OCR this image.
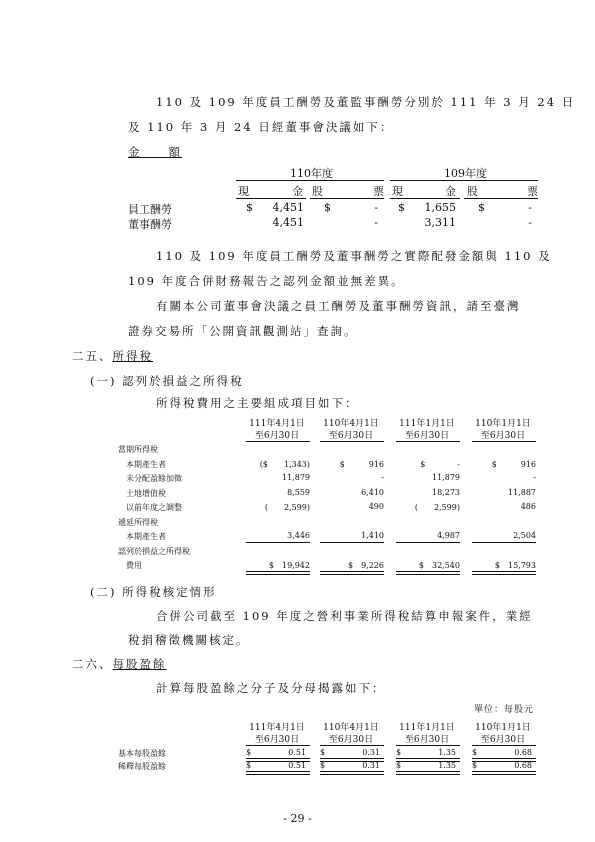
110 及 109 年度員工酬勞及董監事酬勞分別於 111 年 3 月 24 日
及 110 年 3 月 24 日經董事會決議如下：
金　　額
110年度	109年度
現	金 股	票 現	金 股	票
員工酬勞	$	4,451 $	- $	1,655 $	-
董事酬勞	4,451	-	3,311	-
110 及 109 年度員工酬勞及董事酬勞之實際配發金額與 110 及
109 年度合併財務報告之認列金額並無差異。
有關本公司董事會決議之員工酬勞及董事酬勞資訊，請至臺灣
證券交易所「公開資訊觀測站」查詢。
二五、所得稅
(一) 認列於損益之所得稅
所得稅費用之主要組成項目如下：
111年4月1日
至6月30日
110年4月1日
至6月30日
111年1月1日
至6月30日
110年1月1日
至6月30日
當期所得稅
　本期產生者	($　　1,343)	$　　　916	$　　　　-	$　　　916
　未分配盈餘加徵	11,879	-	11,879	-
　土地增值稅	8,559	6,410	18,273	11,887
　以前年度之調整	(　　2,599)	490	(　　2,599)	486
遞延所得稅
　本期產生者	3,446	1,410	4,987	2,504
認列於損益之所得稅
　費用	$　19,942	$　9,226	$　32,540	$　15,793
(二) 所得稅核定情形
合併公司截至 109 年度之營利事業所得稅結算申報案件，業經
稅捐稽徵機關核定。
二六、每股盈餘
計算每股盈餘之分子及分母揭露如下：
單位：每股元
111年4月1日
至6月30日
110年4月1日
至6月30日
111年1月1日
至6月30日
110年1月1日
至6月30日
基本每股盈餘	$	0.51 $	0.31 $	1.35 $	0.68
稀釋每股盈餘	$	0.51 $	0.31 $	1.35 $	0.68
- 29 -
